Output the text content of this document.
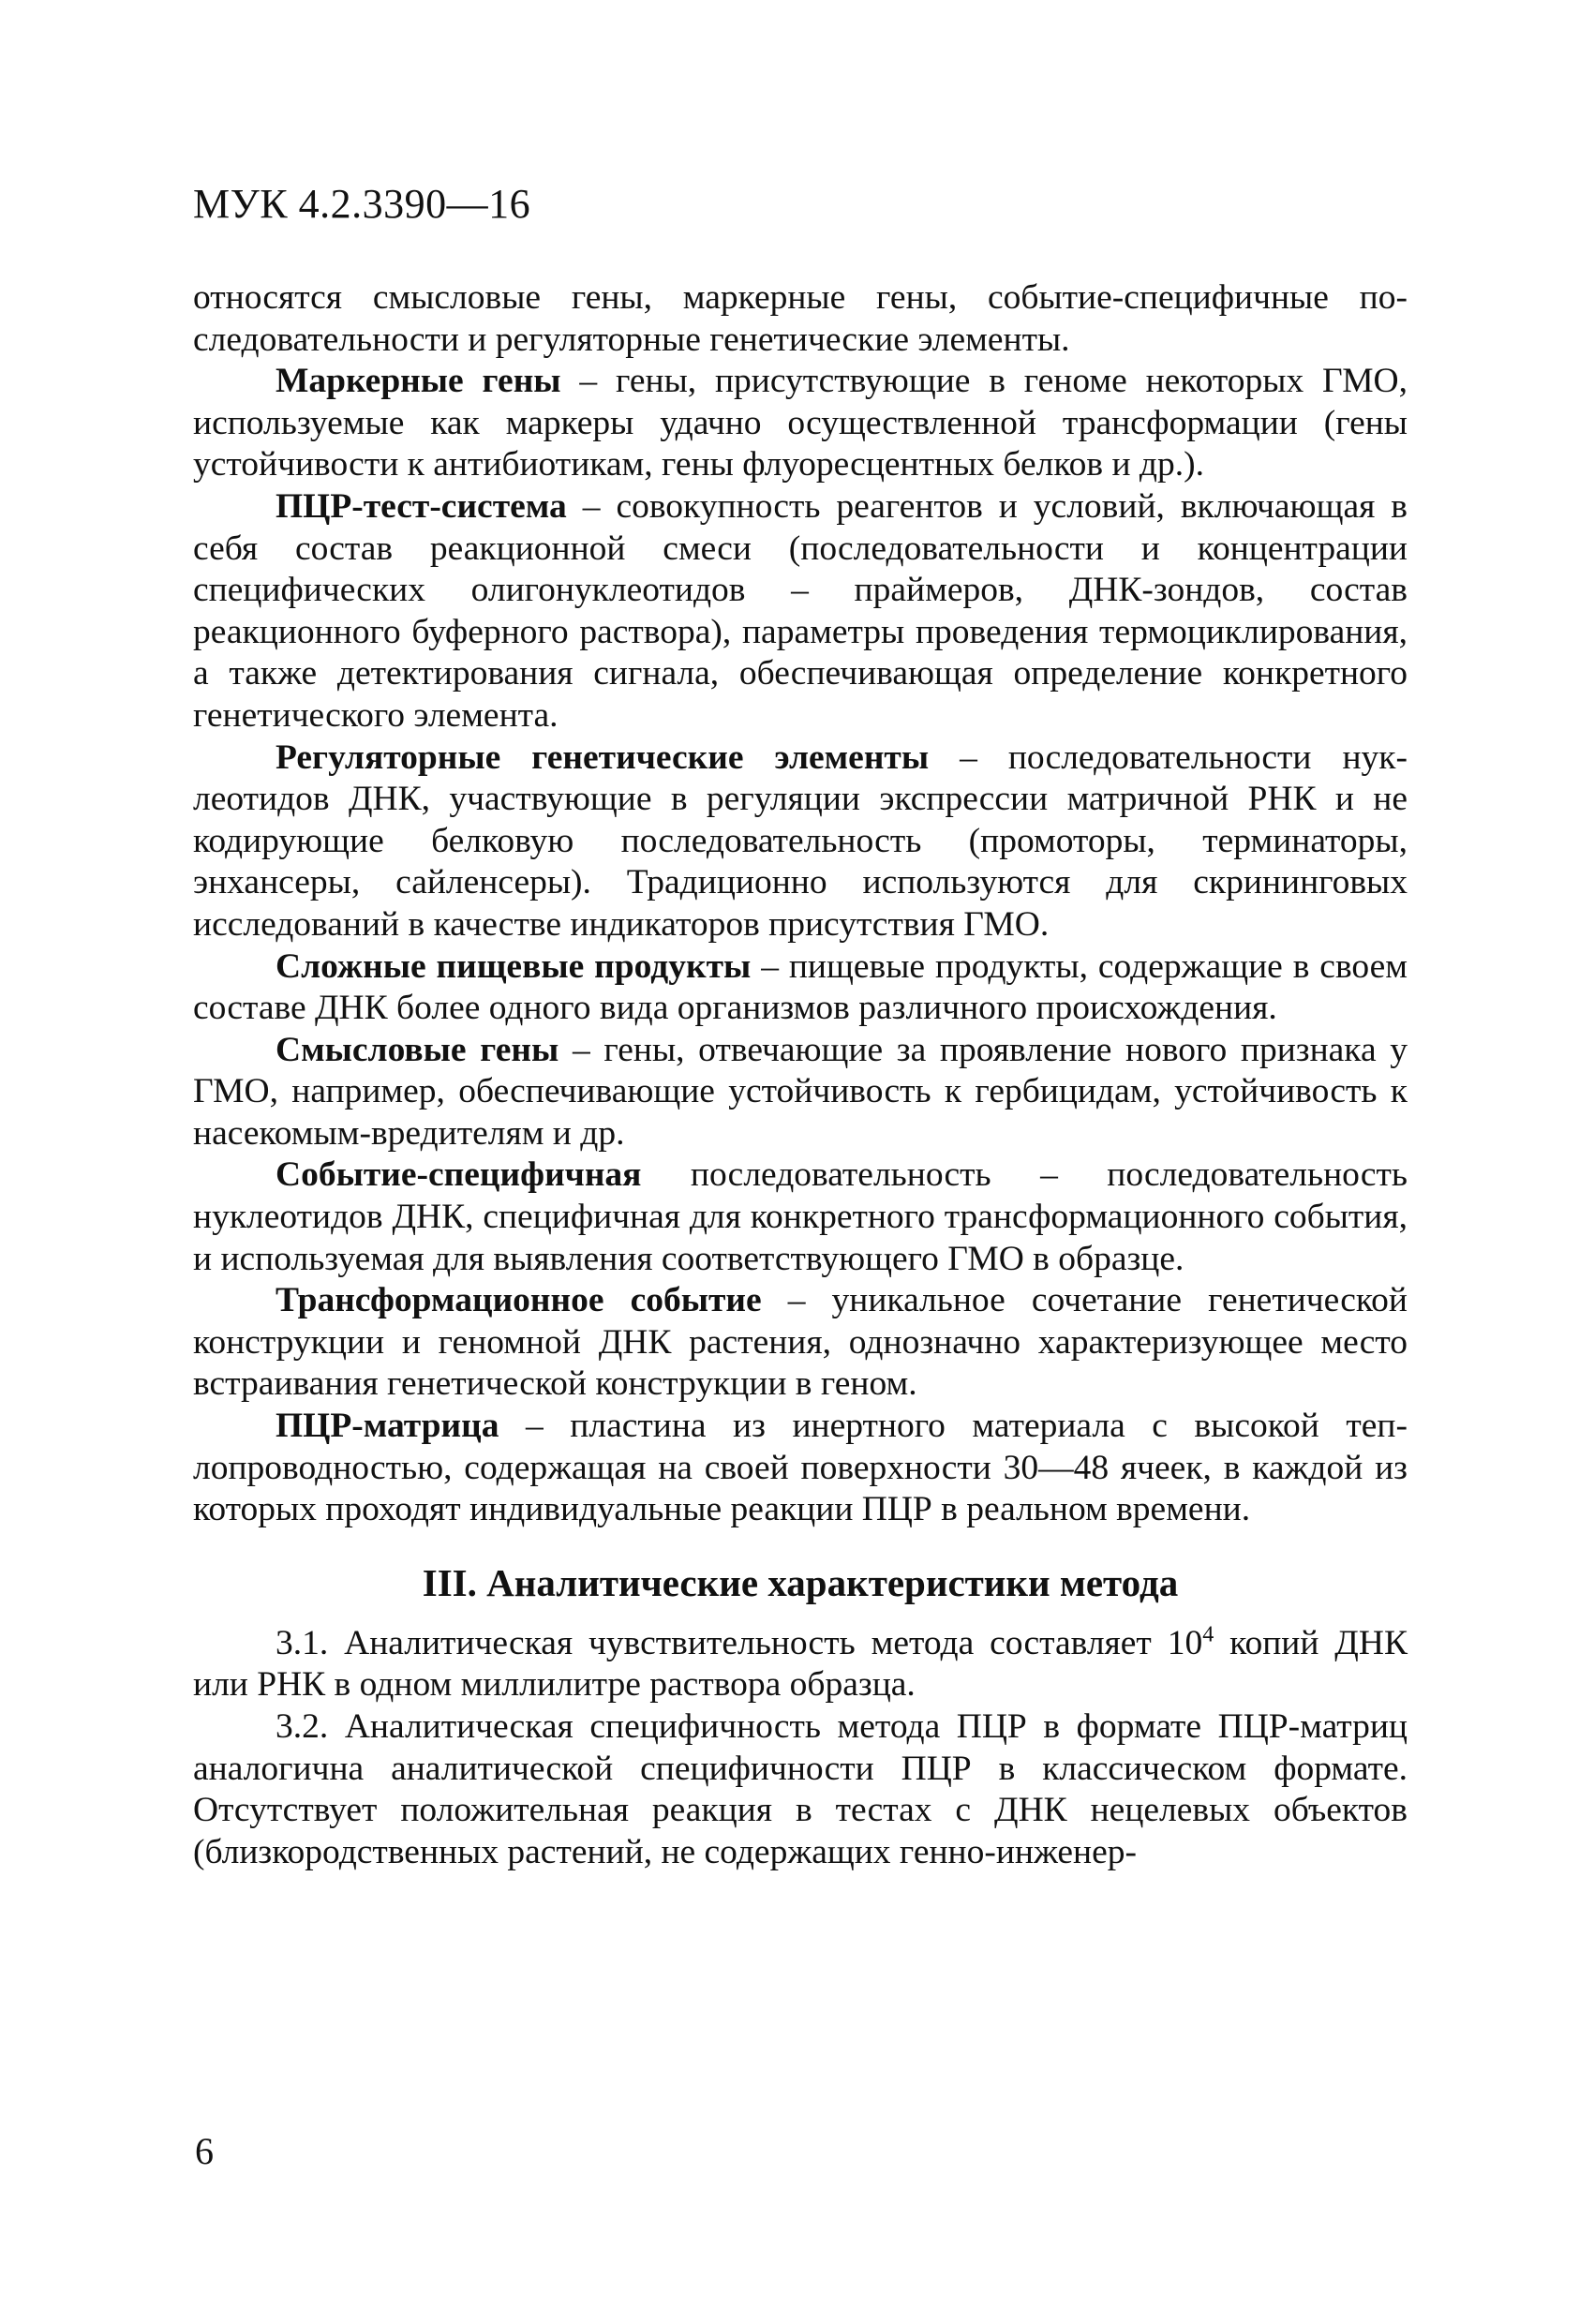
МУК 4.2.3390—16

относятся смысловые гены, маркерные гены, событие-специфичные последовательности и регуляторные генетические элементы.

Маркерные гены – гены, присутствующие в геноме некоторых ГМО, используемые как маркеры удачно осуществленной трансформации (гены устойчивости к антибиотикам, гены флуоресцентных белков и др.).

ПЦР-тест-система – совокупность реагентов и условий, включающая в себя состав реакционной смеси (последовательности и концентрации специфических олигонуклеотидов – праймеров, ДНК-зондов, состав реакционного буферного раствора), параметры проведения термоциклирования, а также детектирования сигнала, обеспечивающая определение конкретного генетического элемента.

Регуляторные генетические элементы – последовательности нуклеотидов ДНК, участвующие в регуляции экспрессии матричной РНК и не кодирующие белковую последовательность (промоторы, терминаторы, энхансеры, сайленсеры). Традиционно используются для скрининговых исследований в качестве индикаторов присутствия ГМО.

Сложные пищевые продукты – пищевые продукты, содержащие в своем составе ДНК более одного вида организмов различного происхождения.

Смысловые гены – гены, отвечающие за проявление нового признака у ГМО, например, обеспечивающие устойчивость к гербицидам, устойчивость к насекомым-вредителям и др.

Событие-специфичная последовательность – последовательность нуклеотидов ДНК, специфичная для конкретного трансформационного события, и используемая для выявления соответствующего ГМО в образце.

Трансформационное событие – уникальное сочетание генетической конструкции и геномной ДНК растения, однозначно характеризующее место встраивания генетической конструкции в геном.

ПЦР-матрица – пластина из инертного материала с высокой теплопроводностью, содержащая на своей поверхности 30—48 ячеек, в каждой из которых проходят индивидуальные реакции ПЦР в реальном времени.

III. Аналитические характеристики метода

3.1. Аналитическая чувствительность метода составляет $10^4$ копий ДНК или РНК в одном миллилитре раствора образца.

3.2. Аналитическая специфичность метода ПЦР в формате ПЦР-матриц аналогична аналитической специфичности ПЦР в классическом формате. Отсутствует положительная реакция в тестах с ДНК нецелевых объектов (близкородственных растений, не содержащих генно-инженер-

6
